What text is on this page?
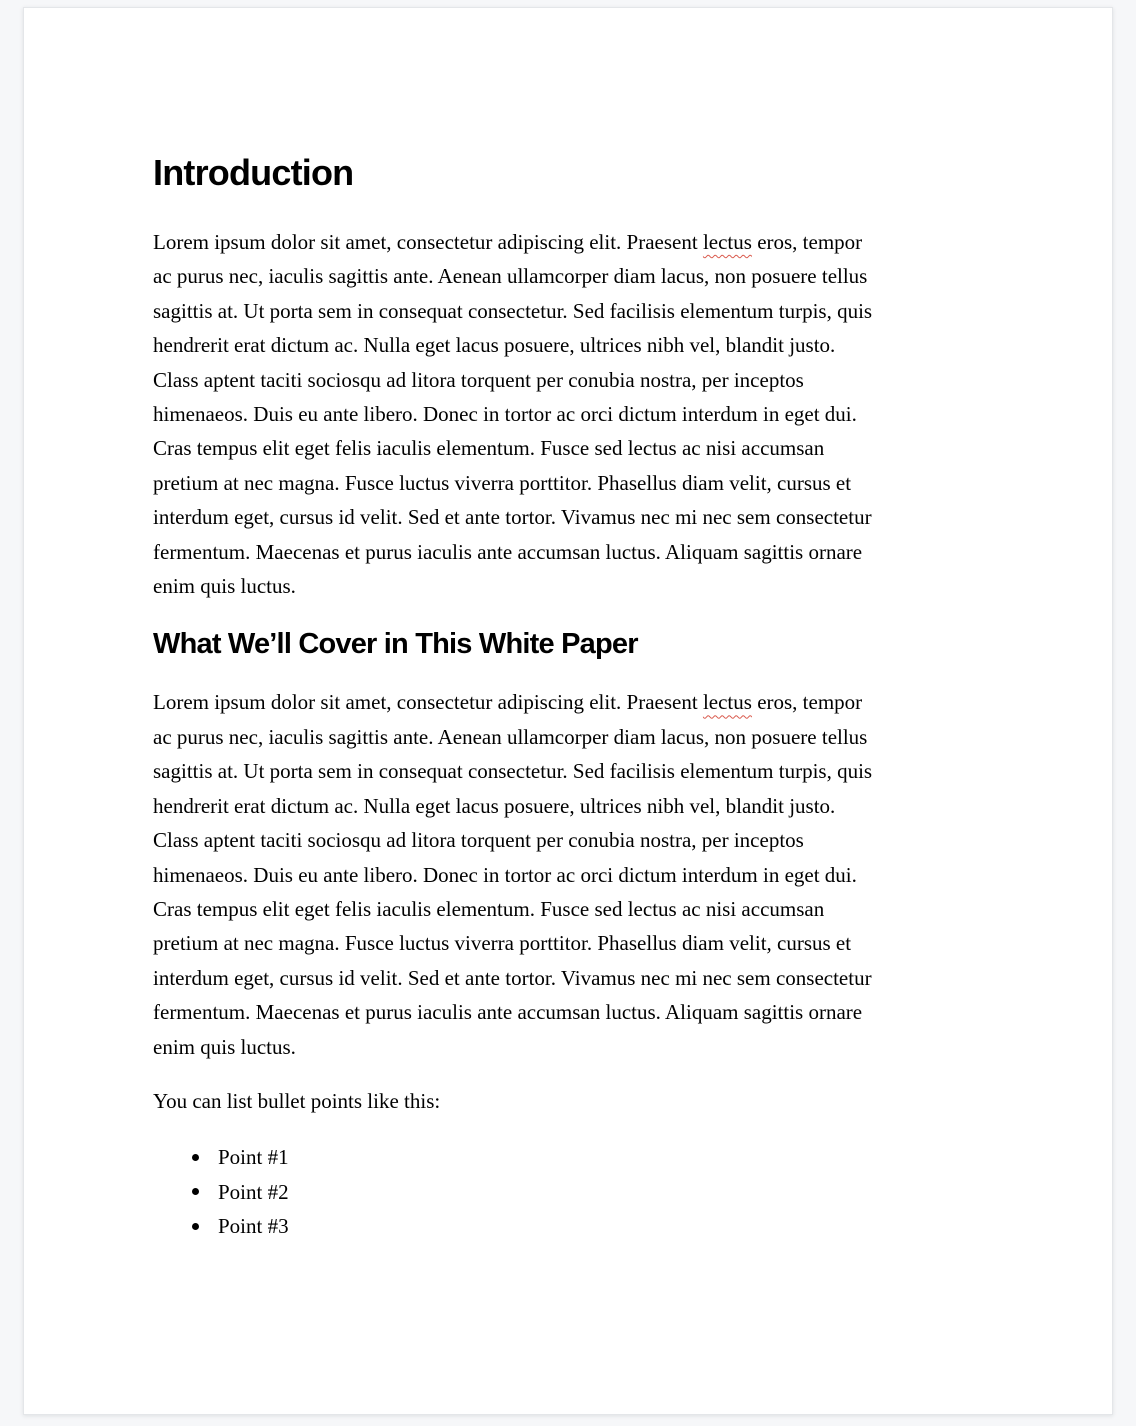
Introduction
Lorem ipsum dolor sit amet, consectetur adipiscing elit. Praesent lectus eros, tempor
ac purus nec, iaculis sagittis ante. Aenean ullamcorper diam lacus, non posuere tellus
sagittis at. Ut porta sem in consequat consectetur. Sed facilisis elementum turpis, quis
hendrerit erat dictum ac. Nulla eget lacus posuere, ultrices nibh vel, blandit justo.
Class aptent taciti sociosqu ad litora torquent per conubia nostra, per inceptos
himenaeos. Duis eu ante libero. Donec in tortor ac orci dictum interdum in eget dui.
Cras tempus elit eget felis iaculis elementum. Fusce sed lectus ac nisi accumsan
pretium at nec magna. Fusce luctus viverra porttitor. Phasellus diam velit, cursus et
interdum eget, cursus id velit. Sed et ante tortor. Vivamus nec mi nec sem consectetur
fermentum. Maecenas et purus iaculis ante accumsan luctus. Aliquam sagittis ornare
enim quis luctus.
What We’ll Cover in This White Paper
Lorem ipsum dolor sit amet, consectetur adipiscing elit. Praesent lectus eros, tempor
ac purus nec, iaculis sagittis ante. Aenean ullamcorper diam lacus, non posuere tellus
sagittis at. Ut porta sem in consequat consectetur. Sed facilisis elementum turpis, quis
hendrerit erat dictum ac. Nulla eget lacus posuere, ultrices nibh vel, blandit justo.
Class aptent taciti sociosqu ad litora torquent per conubia nostra, per inceptos
himenaeos. Duis eu ante libero. Donec in tortor ac orci dictum interdum in eget dui.
Cras tempus elit eget felis iaculis elementum. Fusce sed lectus ac nisi accumsan
pretium at nec magna. Fusce luctus viverra porttitor. Phasellus diam velit, cursus et
interdum eget, cursus id velit. Sed et ante tortor. Vivamus nec mi nec sem consectetur
fermentum. Maecenas et purus iaculis ante accumsan luctus. Aliquam sagittis ornare
enim quis luctus.

You can list bullet points like this:

Point #1
Point #2
Point #3
